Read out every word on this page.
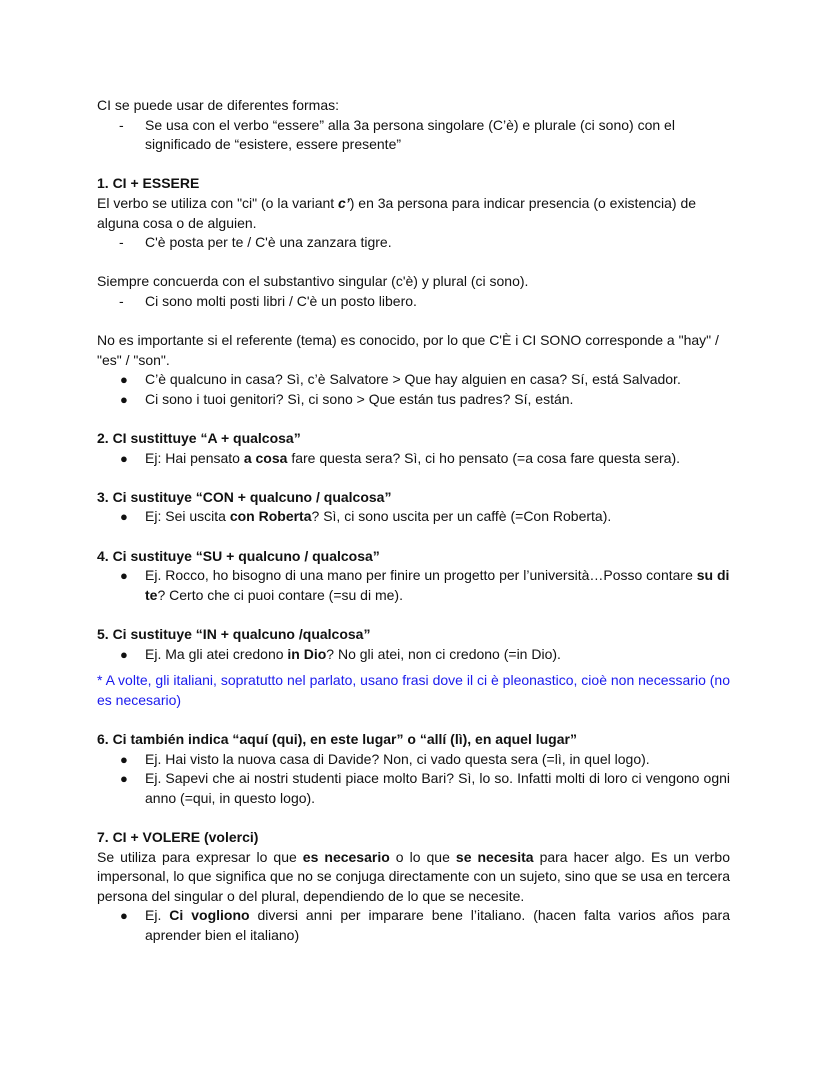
CI se puede usar de diferentes formas:

- Se usa con el verbo “essere” alla 3a persona singolare (C’è) e plurale (ci sono) con el significado de “esistere, essere presente”

1. CI + ESSERE

El verbo se utiliza con "ci" (o la variant c’) en 3a persona para indicar presencia (o existencia) de alguna cosa o de alguien.

- C'è posta per te / C'è una zanzara tigre.

Siempre concuerda con el substantivo singular (c'è) y plural (ci sono).

- Ci sono molti posti libri / C'è un posto libero.

No es importante si el referente (tema) es conocido, por lo que C'È i CI SONO corresponde a "hay" / "es" / "son".

● C’è qualcuno in casa? Sì, c’è Salvatore > Que hay alguien en casa? Sí, está Salvador.
● Ci sono i tuoi genitori? Sì, ci sono > Que están tus padres? Sí, están.

2. CI sustittuye “A + qualcosa”

● Ej: Hai pensato a cosa fare questa sera? Sì, ci ho pensato (=a cosa fare questa sera).

3. Ci sustituye “CON + qualcuno / qualcosa”

● Ej: Sei uscita con Roberta? Sì, ci sono uscita per un caffè (=Con Roberta).

4. Ci sustituye “SU + qualcuno / qualcosa”

● Ej. Rocco, ho bisogno di una mano per finire un progetto per l’università…Posso contare su di te? Certo che ci puoi contare (=su di me).

5. Ci sustituye “IN + qualcuno /qualcosa”

● Ej. Ma gli atei credono in Dio? No gli atei, non ci credono (=in Dio).

* A volte, gli italiani, sopratutto nel parlato, usano frasi dove il ci è pleonastico, cioè non necessario (no es necesario)

6. Ci también indica “aquí (qui), en este lugar” o “allí (lì), en aquel lugar”

● Ej. Hai visto la nuova casa di Davide? Non, ci vado questa sera (=lì, in quel logo).
● Ej. Sapevi che ai nostri studenti piace molto Bari? Sì, lo so. Infatti molti di loro ci vengono ogni anno (=qui, in questo logo).

7. CI + VOLERE (volerci)

Se utiliza para expresar lo que es necesario o lo que se necesita para hacer algo. Es un verbo impersonal, lo que significa que no se conjuga directamente con un sujeto, sino que se usa en tercera persona del singular o del plural, dependiendo de lo que se necesite.

● Ej. Ci vogliono diversi anni per imparare bene l’italiano. (hacen falta varios años para aprender bien el italiano)
